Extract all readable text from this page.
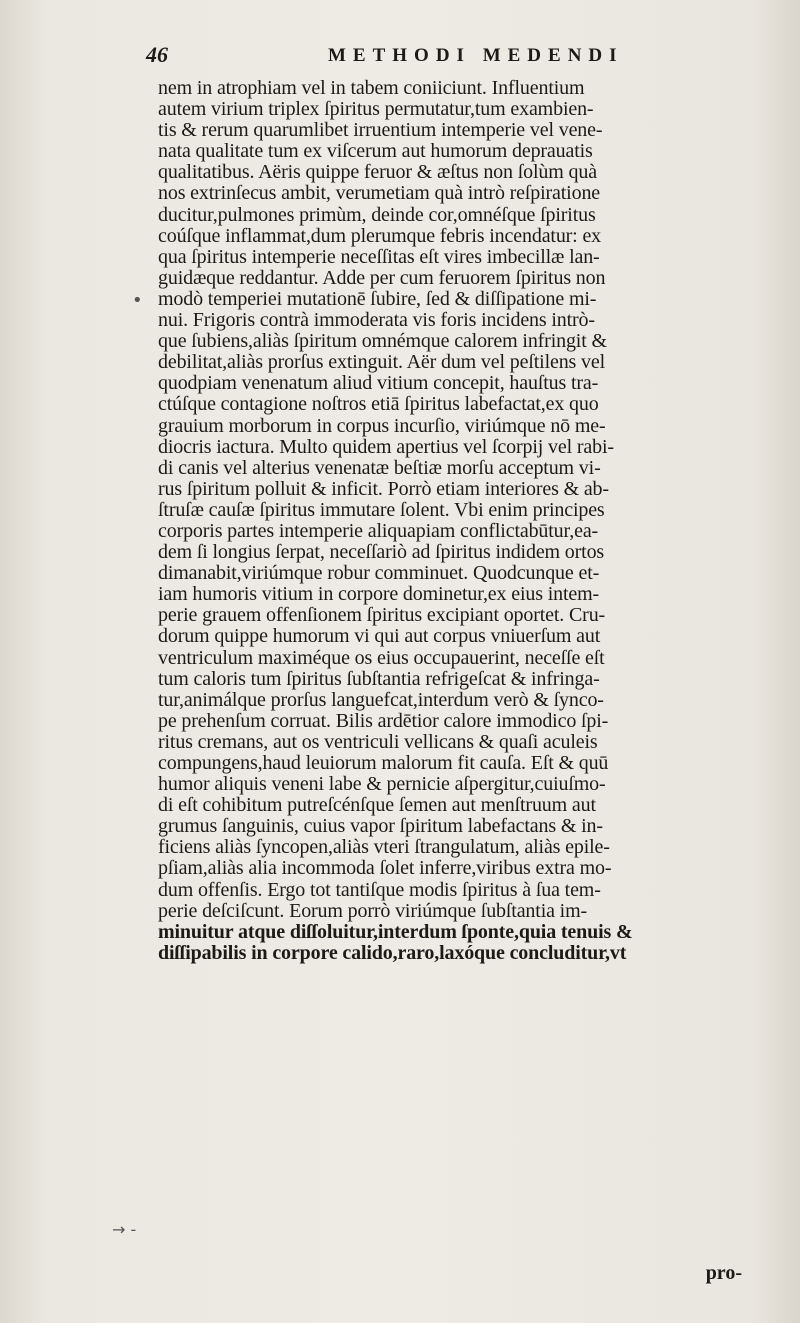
46	METHODI MEDENDI
•
→ -
nem in atrophiam vel in tabem coniiciunt. Influentium
autem virium triplex ſpiritus permutatur,tum exambien-
tis & rerum quarumlibet irruentium intemperie vel vene-
nata qualitate tum ex viſcerum aut humorum deprauatis
qualitatibus. Aëris quippe feruor & æſtus non ſolùm quà
nos extrinſecus ambit, verumetiam quà intrò reſpiratione
ducitur,pulmones primùm, deinde cor,omnéſque ſpiritus
coúſque inflammat,dum plerumque febris incendatur: ex
qua ſpiritus intemperie neceſſitas eſt vires imbecillæ lan-
guidæque reddantur. Adde per cum feruorem ſpiritus non
modò temperiei mutationē ſubire, ſed & diſſipatione mi-
nui. Frigoris contrà immoderata vis foris incidens intrò-
que ſubiens,aliàs ſpiritum omnémque calorem infringit &
debilitat,aliàs prorſus extinguit. Aër dum vel peſtilens vel
quodpiam venenatum aliud vitium concepit, hauſtus tra-
ctúſque contagione noſtros etiā ſpiritus labefactat,ex quo
grauium morborum in corpus incurſio, viriúmque nō me-
diocris iactura. Multo quidem apertius vel ſcorpij vel rabi-
di canis vel alterius venenatæ beſtiæ morſu acceptum vi-
rus ſpiritum polluit & inficit. Porrò etiam interiores & ab-
ſtruſæ cauſæ ſpiritus immutare ſolent. Vbi enim principes
corporis partes intemperie aliquapiam conflictabūtur,ea-
dem ſi longius ſerpat, neceſſariò ad ſpiritus indidem ortos
dimanabit,viriúmque robur comminuet. Quodcunque et-
iam humoris vitium in corpore dominetur,ex eius intem-
perie grauem offenſionem ſpiritus excipiant oportet. Cru-
dorum quippe humorum vi qui aut corpus vniuerſum aut
ventriculum maximéque os eius occupauerint, neceſſe eſt
tum caloris tum ſpiritus ſubſtantia refrigeſcat & infringa-
tur,animálque prorſus languefcat,interdum verò & ſynco-
pe prehenſum corruat. Bilis ardētior calore immodico ſpi-
ritus cremans, aut os ventriculi vellicans & quaſi aculeis
compungens,haud leuiorum malorum fit cauſa. Eſt & quū
humor aliquis veneni labe & pernicie aſpergitur,cuiuſmo-
di eſt cohibitum putreſcénſque ſemen aut menſtruum aut
grumus ſanguinis, cuius vapor ſpiritum labefactans & in-
ficiens aliàs ſyncopen,aliàs vteri ſtrangulatum, aliàs epile-
pſiam,aliàs alia incommoda ſolet inferre,viribus extra mo-
dum offenſis. Ergo tot tantiſque modis ſpiritus à ſua tem-
perie deſciſcunt. Eorum porrò viriúmque ſubſtantia im-
minuitur atque diſſoluitur,interdum ſponte,quia tenuis &
diſſipabilis in corpore calido,raro,laxóque concluditur,vt
pro-
